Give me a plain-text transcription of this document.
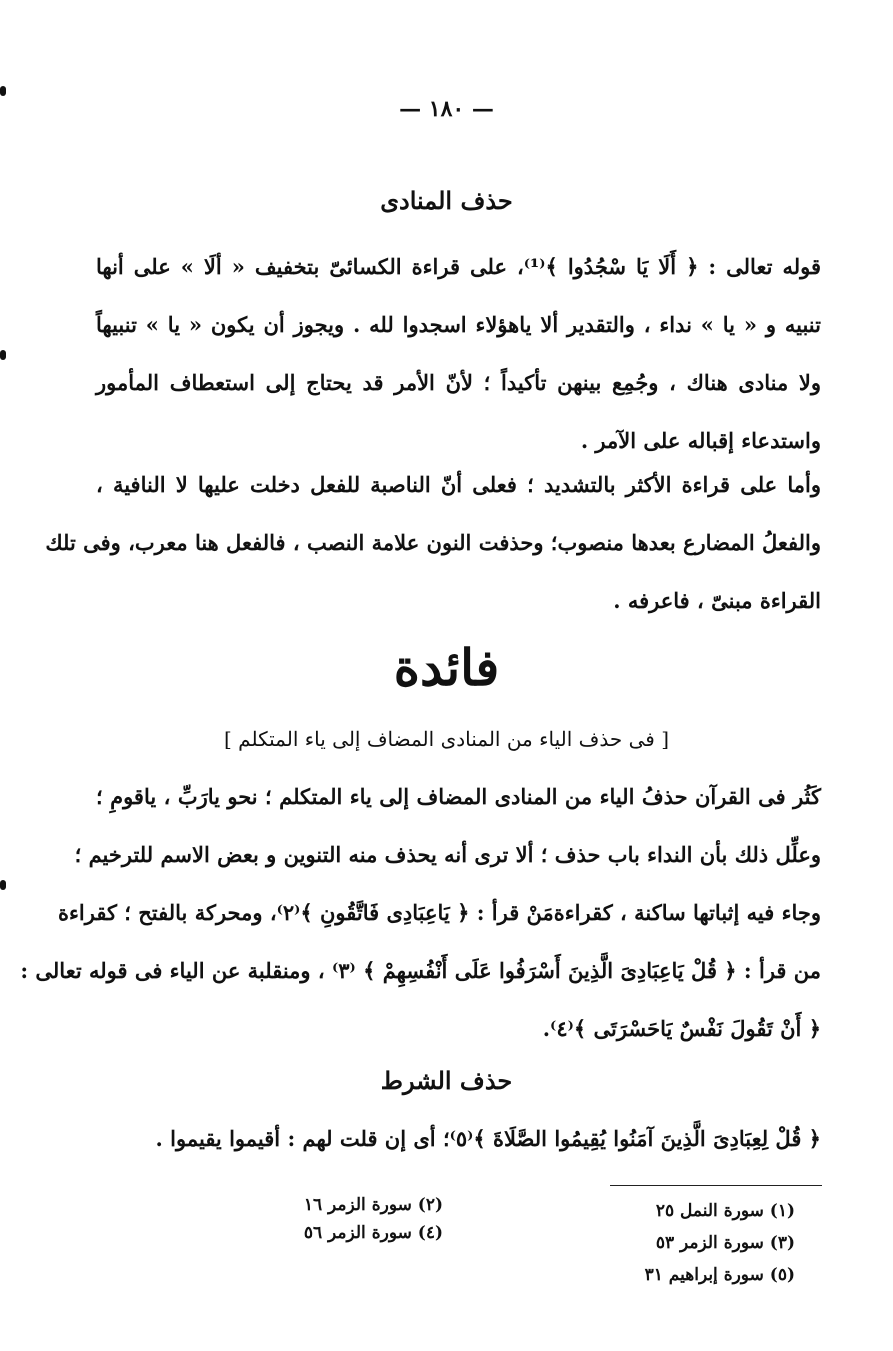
— ١٨٠ —
حذف المنادى
قوله تعالى : ﴿ أَلَا يَا سْجُدُوا ﴾⁽¹⁾، على قراءة الكسائىّ بتخفيف « ألَا » على أنها
تنبيه و « يا » نداء ، والتقدير ألا ياهؤلاء اسجدوا لله . ويجوز أن يكون « يا » تنبيهاً
ولا منادى هناك ، وجُمِع بينهن تأكيداً ؛ لأنّ الأمر قد يحتاج إلى استعطاف المأمور
واستدعاء إقباله على الآمر .
وأما على قراءة الأكثر بالتشديد ؛ فعلى أنّ الناصبة للفعل دخلت عليها لا النافية ،
والفعلُ المضارع بعدها منصوب؛ وحذفت النون علامة النصب ، فالفعل هنا معرب، وفى تلك
القراءة مبنىّ ، فاعرفه .
فائدة
[ فى حذف الياء من المنادى المضاف إلى ياء المتكلم ]
كَثُر فى القرآن حذفُ الياء من المنادى المضاف إلى ياء المتكلم ؛ نحو يارَبِّ ، ياقومِ ؛
وعلِّل ذلك بأن النداء باب حذف ؛ ألا ترى أنه يحذف منه التنوين و بعض الاسم للترخيم ؛
وجاء فيه إثباتها ساكنة ، كقراءةمَنْ قرأ : ﴿ يَاعِبَادِى فَاتَّقُونِ ﴾⁽٢⁾، ومحركة بالفتح ؛ كقراءة
من قرأ : ﴿ قُلْ يَاعِبَادِىَ الَّذِينَ أَسْرَفُوا عَلَى أَنْفُسِهِمْ ﴾ ⁽٣⁾ ، ومنقلبة عن الياء فى قوله تعالى :
﴿ أَنْ تَقُولَ نَفْسٌ يَاحَسْرَتَى ﴾⁽٤⁾.
حذف الشرط
﴿ قُلْ لِعِبَادِىَ الَّذِينَ آمَنُوا يُقِيمُوا الصَّلَاةَ ﴾⁽٥⁾؛ أى إن قلت لهم : أقيموا يقيموا .
(١) سورة النمل ٢٥
(٣) سورة الزمر ٥٣
(٥) سورة إبراهيم ٣١
(٢) سورة الزمر ١٦
(٤) سورة الزمر ٥٦
